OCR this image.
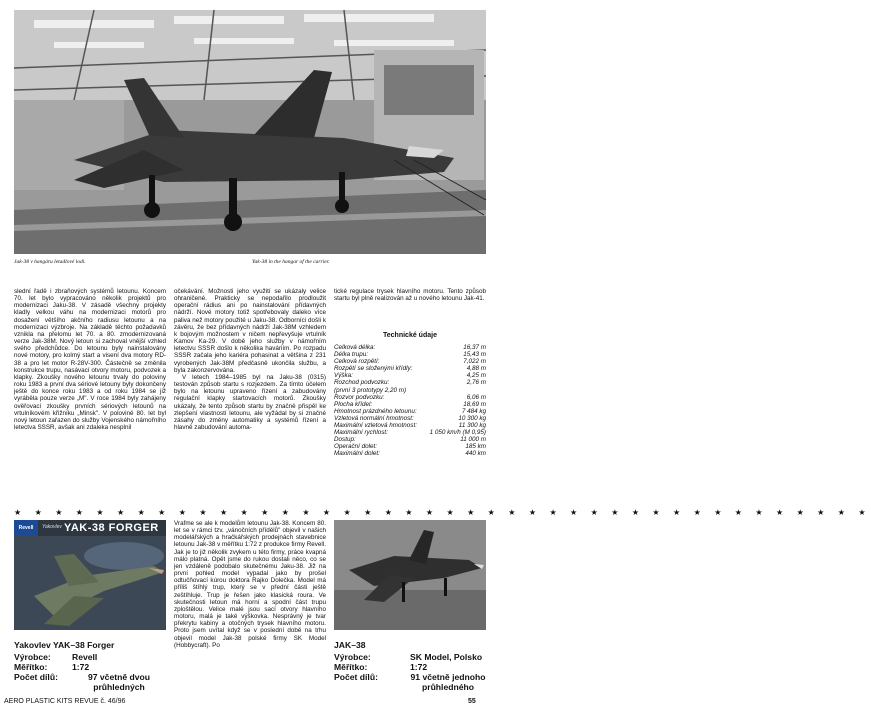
Jak-38 v hangáru letadlové lodi.	Yak-38 in the hangar of the carrier.

slední řadě i zbraňových systémů letounu. Koncem 70. let bylo vypracováno několik projektů pro modernizaci Jaku-38. V zásadě všechny projekty kladly velkou váhu na modernizaci motorů pro dosažení většího akčního radiusu letounu a na modernizaci výzbroje. Na základě těchto požadavků vznikla na přelomu let 70. a 80. zmodernizovaná verze Jak-38M. Nový letoun si zachoval vnější vzhled svého předchůdce. Do letounu byly nainstalovány nové motory, pro kolmý start a visení dva motory RD-38 a pro let motor R-28V-300. Částečně se změnila konstrukce trupu, nasávací otvory motoru, podvozek a klapky. Zkoušky nového letounu trvaly do poloviny roku 1983 a první dva sériové letouny byly dokončeny ještě do konce roku 1983 a od roku 1984 se již vyráběla pouze verze „M". V roce 1984 byly zahájeny ověřovací zkoušky prvních sériových letounů na vrtulníkovém křižníku „Minsk". V polovině 80. let byl nový letoun zařazen do služby Vojenského námořního letectva SSSR, avšak ani zdaleka nesplnil

očekávání. Možnosti jeho využití se ukázaly velice ohraničené. Prakticky se nepodařilo prodloužit operační rádius ani po nainstalování přídavných nádrží. Nové motory totiž spotřebovaly daleko více paliva než motory použité u Jaku-38. Odborníci došli k závěru, že bez přídavných nádrží Jak-38M vzhledem k bojovým možnostem v ničem nepřevyšuje vrtulník Kamov Ka-29. V době jeho služby v námořním letectvu SSSR došlo k několika haváriím. Po rozpadu SSSR začala jeho kariéra pohasinat a většina z 231 vyrobených Jak-38M předčasně ukončila službu, a byla zakonzervována.

V letech 1984–1985 byl na Jaku-38 (0315) testován způsob startu s rozjezdem. Za tímto účelem bylo na letounu upraveno řízení a zabudovány regulační klapky startovacích motorů. Zkoušky ukázaly, že tento způsob startu by značně přispěl ke zlepšení vlastností letounu, ale vyžádal by si značné zásahy do změny automatiky a systémů řízení a hlavně zabudování automa-

tické regulace trysek hlavního motoru. Tento způsob startu byl plně realizován až u nového letounu Jak-41.

Technické údaje
Celková délka:	16,37 m
Délka trupu:	15,43 m
Celková rozpětí:	7,022 m
Rozpětí se složenými křídly:	4,88 m
Výška:	4,25 m
Rozchod podvozku:	2,76 m
(první 3 prototypy 2,20 m)
Rozvor podvozku:	6,06 m
Plocha křídel:	18,69 m
Hmotnost prázdného letounu:	7 484 kg
Vzletová normální hmotnost:	10 300 kg
Maximální vzletová hmotnost:	11 300 kg
Maximální rychlost:	1 050 km/h (M 0,95)
Dostup:	11 000 m
Operační dolet:	185 km
Maximální dolet:	440 km
★ ★ ★ ★ ★ ★ ★ ★ ★ ★ ★ ★ ★ ★ ★ ★ ★ ★ ★ ★ ★ ★ ★ ★ ★ ★ ★ ★ ★ ★ ★ ★ ★ ★ ★ ★ ★ ★ ★ ★ ★ ★
Revell	Yakovlev YAK-38 FORGER
Yakovlev YAK–38 Forger
Výrobce:	Revell
Měřítko:	1:72
Počet dílů:	97 včetně dvou průhledných

Vrafme se ale k modelům letounu Jak-38. Koncem 80. let se v rámci tzv. „vánočních přídělů" objevil v našich modelářských a hračkářských prodejnách stavebnice letounu Jak-38 v měřítku 1:72 z produkce firmy Revell. Jak je to již několik zvykem u této firmy, práce kvapná málo platná. Opět jsme do rukou dostali něco, co se jen vzdáleně podobalo skutečnému Jaku-38. Již na první pohled model vypadal jako by prošel odtučňovací kúrou doktora Rajko Dolečka. Model má příliš štíhlý trup, který se v přední části ještě zeštíhluje. Trup je řešen jako klasická roura. Ve skutečnosti letoun má horní a spodní část trupu zploštělou. Velice malé jsou sací otvory hlavního motoru, malá je také výškovka. Nesprávný je tvar překrytu kabiny a otočných trysek hlavního motoru. Proto jsem uvítal když se v poslední době na trhu objevil model Jak-38 polské firmy SK Model (Hobbycraft). Po	JAK–38
Výrobce:	SK Model, Polsko
Měřítko:	1:72
Počet dílů:	91 včetně jednoho průhledného
AERO PLASTIC KITS REVUE č. 46/96	55
